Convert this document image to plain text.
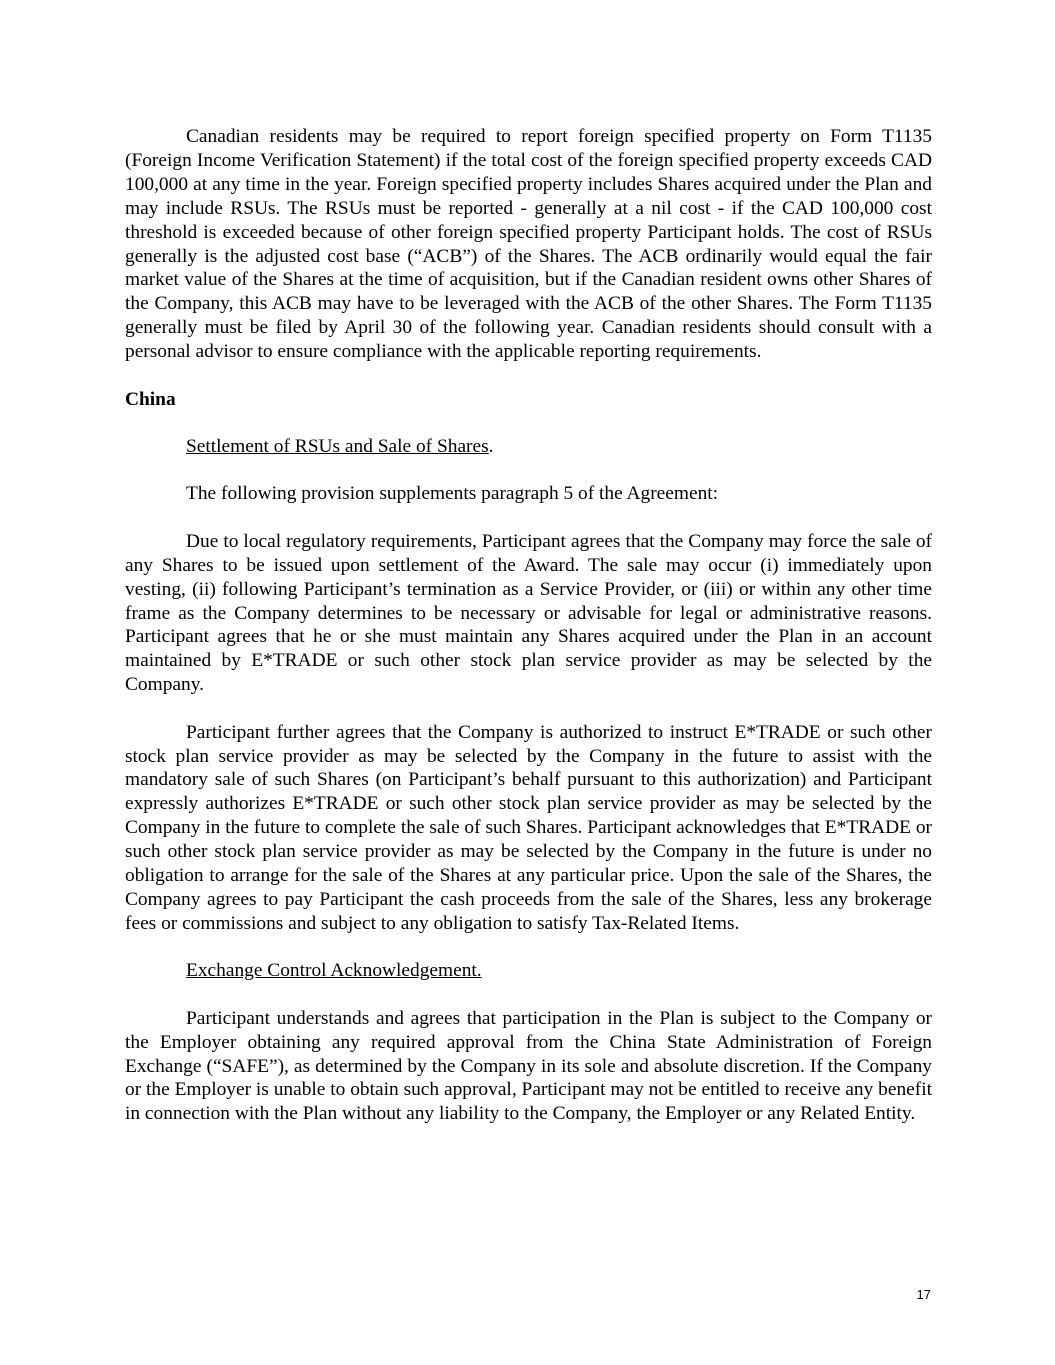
Canadian residents may be required to report foreign specified property on Form T1135 (Foreign Income Verification Statement) if the total cost of the foreign specified property exceeds CAD 100,000 at any time in the year. Foreign specified property includes Shares acquired under the Plan and may include RSUs. The RSUs must be reported - generally at a nil cost - if the CAD 100,000 cost threshold is exceeded because of other foreign specified property Participant holds. The cost of RSUs generally is the adjusted cost base (“ACB”) of the Shares. The ACB ordinarily would equal the fair market value of the Shares at the time of acquisition, but if the Canadian resident owns other Shares of the Company, this ACB may have to be leveraged with the ACB of the other Shares. The Form T1135 generally must be filed by April 30 of the following year. Canadian residents should consult with a personal advisor to ensure compliance with the applicable reporting requirements.

China

Settlement of RSUs and Sale of Shares.

The following provision supplements paragraph 5 of the Agreement:

Due to local regulatory requirements, Participant agrees that the Company may force the sale of any Shares to be issued upon settlement of the Award. The sale may occur (i) immediately upon vesting, (ii) following Participant’s termination as a Service Provider, or (iii) or within any other time frame as the Company determines to be necessary or advisable for legal or administrative reasons. Participant agrees that he or she must maintain any Shares acquired under the Plan in an account maintained by E*TRADE or such other stock plan service provider as may be selected by the Company.

Participant further agrees that the Company is authorized to instruct E*TRADE or such other stock plan service provider as may be selected by the Company in the future to assist with the mandatory sale of such Shares (on Participant’s behalf pursuant to this authorization) and Participant expressly authorizes E*TRADE or such other stock plan service provider as may be selected by the Company in the future to complete the sale of such Shares. Participant acknowledges that E*TRADE or such other stock plan service provider as may be selected by the Company in the future is under no obligation to arrange for the sale of the Shares at any particular price. Upon the sale of the Shares, the Company agrees to pay Participant the cash proceeds from the sale of the Shares, less any brokerage fees or commissions and subject to any obligation to satisfy Tax-Related Items.

Exchange Control Acknowledgement.

Participant understands and agrees that participation in the Plan is subject to the Company or the Employer obtaining any required approval from the China State Administration of Foreign Exchange (“SAFE”), as determined by the Company in its sole and absolute discretion. If the Company or the Employer is unable to obtain such approval, Participant may not be entitled to receive any benefit in connection with the Plan without any liability to the Company, the Employer or any Related Entity.

17
